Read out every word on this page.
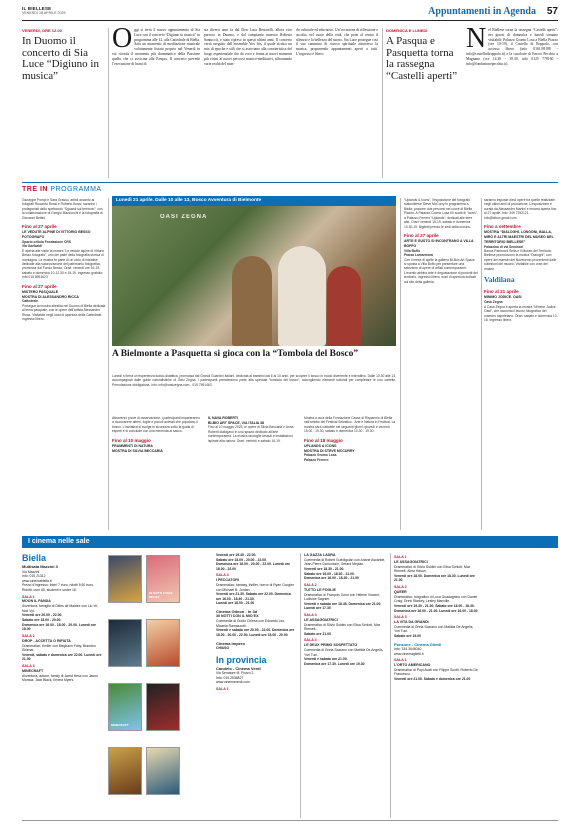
IL BIELLESE
VENERDÌ 18 APRILE 2025	Appuntamenti in Agenda 57
VENERDÌ, ORE 12.00
In Duomo il concerto di Sia Luce “Digiuno in musica”
Oggi si terrà il nuovo appuntamento di Sia Luce con il concerto “Digiuno in musica” in programma alle 12, alla Cattedrale di Biella. Sarà un momento di meditazione musicale volutamente fissato proprio nel Venerdì in cui ricorda il momento più drammatico della Passione quello che ci avvicina alla Pasqua. Il concerto prevede l’esecuzione di brani di
sia diversi anni fa dal Don Luca Bertarelli, allora vice parroco in Duomo, e dal compianto maestro Roberto Santucci), è stato ripreso in questi ultimi anni. Il concerto verrà eseguito dall’ensemble Vox Iris, il quale ricalca un mix di epoche e stili che si associano alla caratteristica del luogo esperienziale che dà voce e forma ai nuovi momenti più vicini ai nuovi percorsi musico-meditativi, affrontando varie realtà del mon-
do culturale ed educativo. Un’occasione di riflessione e ascolto, nel cuore della città, che pone al centro il silenzio e la bellezza del suono. Sia Luce prosegue così il suo cammino di ricerca spirituale attraverso la musica, proponendo appuntamenti aperti a tutti. L’ingresso è libero.
DOMENICA E LUNEDÌ
A Pasqua e Pasquetta torna la rassegna “Castelli aperti”
Nel Biellese torna la rassegna “Castelli aperti”: nei giorni di domenica e lunedì saranno visitabili: Palazzo Gromo Losa a Biella Piazzo (ore 10-19), il Castello di Roppolo, con accesso libero (info 0161.98188 - info@castellodiroppolo.it) e la casaforte di Enrico Pecchio a Magnano (ore 14.30 - 18.30, info 0125 778160 - info@fondazionepecchio.it).
TRE IN PROGRAMMA
Giuseppe Pompi e Sara Grasso, artisti accanto ai fotografi Riccardo Rossi e Roberto Bossi, saranno i protagonisti dello spettacolo “Sguardi sul territorio”, con la collaborazione di Giorgio Mazzocchi e la fotografia di Giovanni Bettini.
Fino al 27 aprile
LE VEDUTE ALPINE DI VITTORIO BESSO FOTOGRAFO
Spazio cellula Fondazione CRS
Via Garibaldi
È aperta alle visite la mostra “Le vedute alpine di Vittorio Besso fotografo”, uno dei padri della fotografia storica di montagna. La mostra fa parte di un ciclo di iniziative dedicate alla valorizzazione del patrimonio fotografico, promosse dal Fondo Besso. Orari: venerdì ore 16-19, sabato e domenica 10-12.30 e 15-19. Ingresso gratuito. Info 015 8951623
Fino al 27 aprile
MISTERO PASQUALE
MOSTRA DI ALESSANDRO RICCA
Cattedrale
Prosegue la mostra allestita nel Duomo di Biella dedicata al tema pasquale, con le opere dell’artista Alessandro Ricca. Visitabile negli orari di apertura della Cattedrale. Ingresso libero.
Lunedì 21 aprile. Dalle 10 alle 13, Bosco Avventura di Bielmonte
OASI ZEGNA
A Bielmonte a Pasquetta si gioca con la “Tombola del Bosco”
Lunedì si terrà un’esperienza ludico-didattica, promossa dai Grandi Guardini Italiani, dedicata ai bambini dai 6 ai 10 anni, per scoprire il bosco in modo divertente e interattivo. Dalle 10.30 alle 13, accompagnati dalle guide naturalistiche di Oasi Zegna, i partecipanti prenderanno parte alla speciale “tombola del bosco”, raccogliendo elementi naturali per completare le loro cartelle. Prenotazione obbligatoria. Info: info@oasizegna.com - 015 7591463.
Attraverso prove di osservazione, i partecipanti impareranno a riconoscere alberi, foglie e piccoli animali che popolano il bosco. L’iniziativa si svolge in sicurezza sotto la guida di esperti e si conclude con una merenda al sacco.
Fino al 10 maggio
FRAMMENTI DI NATURA
MOSTRA DI SILVIA BECCARIA
IL NAVA ROBERTI
BI-BIO ART SPACE, VIA ITALIA 38
Fino al 10 maggio 2025, le opere di Silvia Beccaria e Anna Roberti dialogano in uno spazio dedicato all’arte contemporanea. La mostra raccoglie tessuti e installazioni ispirate alla natura. Orari: venerdì e sabato 16-19.
Mostra a cura della Fondazione Casse di Risparmio di Biella nell’ambito del Festival Selvatico - Arte e Natura in Festival. La mostra sarà visitabile nei seguenti giorni: giovedì e venerdì 15.00 - 19.30, sabato e domenica 10.30 - 19.30.
Fino al 18 maggio
UPLANDS & ICONS
MOSTRA DI STEVE MCCURRY
Palazzo Gromo Losa
Palazzo Ferrero
“Uplands & Icons”, l’esposizione del fotografo statunitense Steve McCurry in programma a Biella, propone due percorsi nel cuore di Biella Piazzo. A Palazzo Gromo Losa 60 scatti di “Icons”, a Palazzo Ferrero “Uplands”, dedicati alle terre alte. Orari: venerdì 15-19, sabato e domenica 10.30-19. Biglietti presso le sedi della mostra.
Fino al 27 aprile
ARTE E GUSTO SI INCONTRANO A VILLA BOFFO
Villa Boffo
Piazza Lamarmora
Con il mese di aprile la galleria Bi-Box Art Space si sposta a Villa Boffo per presentare una selezione di opere di artisti contemporanei. L’evento abbina arte e degustazione di prodotti del territorio. Ingresso libero, orari di apertura indicati sul sito della galleria.
saranno esposte dieci opere tra quelle realizzate negli ultimi anni di produzione. L’esposizione è curata da Alessandro Martini e rimarrà aperta fino al 27 aprile. Info: 349 7252121 - info@bibox.gmail.com
Fino a settembre
MOSTRA “DIALOGHI. LONGONI, BALLA, MIRÒ E ALTRI MAESTRI DEL MUSEO DEL TERRITORIO BIELLESE”
Palazzina di via Seminari
Banca Patrimoni Sella e il Museo del Territorio Biellese promuovono la mostra “Dialoghi”, con opere dei maestri del Novecento provenienti dalle collezioni del museo. Visitabile con orari del museo.
Valdilana
Fino al 21 aprile
MINIMO JODICE. OASI
Casa Zegna
A Casa Zegna è aperta la mostra “Mimmo Jodice. Oasi”, che racconta il lavoro fotografico del maestro napoletano. Orari: sabato e domenica 10-18. Ingresso libero.
I cinema nelle sale
Biella
Multisala Mazzini 3
Via Mazzini
Info: 015 21312
www.cinemabiella.it
Prezzi d’ingresso: interi 7 euro, ridotti 5,50 euro. Ridotti: over 65, studenti e under 18.
SALA 1
MOON IL PANDA
Avventura, famiglia di Gilles de Maistre con Liu Ye, Noé Vyl.
Venerdì ore 20.00 - 22.00.
Sabato ore 18.00 - 20.00.
Domenica ore 16.00 - 18.00 - 20.00. Lunedì ore 18.00
SALA 2
DROP - ACCETTA O RIFIUTA
Drammatico, thriller con Meghann Fahy, Brandon Sklenar.
Venerdì, sabato e domenica ore 22.00. Lunedì ore 21.00
SALA 3
MINECRAFT
Avventura, azione, family di Jared Hess con Jason Momoa, Jack Black, Emma Myers.
30 NOTTI CON IL MIO EX
MINECRAFT
Venerdì ore 19.45 - 22.00.
Sabato ore 18.00 - 20.00 - 22.00.
Domenica ore 18.00 - 20.00 - 22.00. Lunedì ore 18.00 - 22.00
SALA 3
I PECCATORI
Drammatico, fantasy, thriller, horror di Ryan Coogler con Michael B. Jordan.
Venerdì ore 21.30. Sabato ore 22.00. Domenica ore 16.00 - 18.30 - 21.30.
Lunedì ore 18.00 - 21.00
Cinema Odeon - In 3d
30 NOTTI CON IL MIO EX
Commedia di Guido Chiesa con Edoardo Leo, Micaela Ramazzotti.
Venerdì e sabato ore 20.00 - 22.00. Domenica ore 18.00 - 20.00 - 22.00. Lunedì ore 18.00 - 20.00
Cinema Impero
CHIUSO
In provincia
Candelo - Cinema Verdi
Via Senatore M. Pozzo 2.
Info: 015.2538827
www.cinemaverdi.com
SALA 1
LA GAZZA LADRA
Commedia di Robert Guédiguian con Ariane Ascaride, Jean-Pierre Darroussin, Gérard Meylan.
Venerdì ore 18.30 - 21.00.
Sabato ore 16.00 - 18.30 - 21.00.
Domenica ore 16.00 - 18.30 - 21.00
SALA 2
TUTTO LE FOGLIE
Drammatico di François Ozon con Hélène Vincent, Ludivine Sagnier.
Venerdì e sabato ore 18.45. Domenica ore 21.00. Lunedì ore 17.30
SALA 3
LE ASSAGGIATRICI
Drammatico di Silvio Soldini con Elisa Schlott, Max Riemelt.
Sabato ore 21.00
SALA 4
LE DEUX PRIMO SOSPETTATO
Commedia di Greta Scarano con Matilda De Angelis, Yuri Tuci.
Venerdì e sabato ore 21.00.
Domenica ore 17.30. Lunedì ore 19.30
SALA 1
LE ASSAGGIATRICI
Drammatico di Silvio Soldini con Elisa Schlott, Max Riemelt, Alma Hasun.
Venerdì ore 18.00. Domenica ore 18.30. Lunedì ore 21.00
SALA 2
QUEER
Drammatico, biografico di Luca Guadagnino con Daniel Craig, Drew Starkey, Lesley Manville.
Venerdì ore 19.30 - 21.00. Sabato ore 16.00 - 18.30. Domenica ore 16.00 - 21.00. Lunedì ore 16.00 - 18.30
SALA 3
LA VITA DA GRANDI
Commedia di Greta Scarano con Matilda De Angelis, Yuri Tuci.
Sabato ore 19.00
Ponzone - Cinema Giletti
Info: 334.3646040
www.cinemagiletti.it
SALA 1
L’ORTO AMERICANO
Drammatico di Pupi Avati con Filippo Scotti, Roberto De Francesco.
Venerdì ore 21.00. Sabato e domenica ore 21.00
